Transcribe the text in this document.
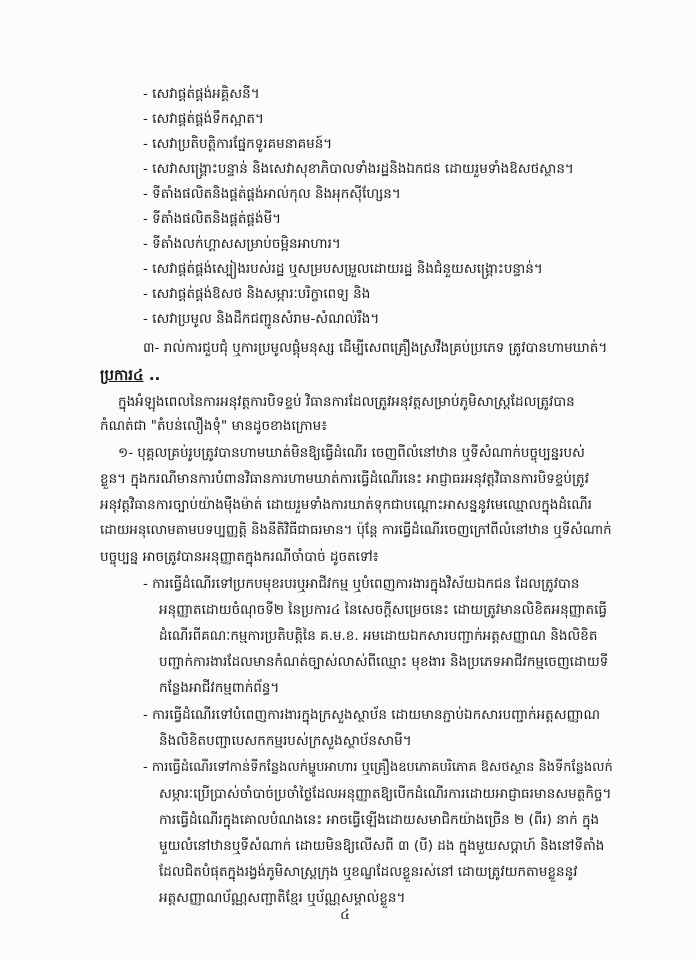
- សេវាផ្គត់ផ្គង់អគ្គិសនី។
- សេវាផ្គត់ផ្គង់ទឹកស្អាត។
- សេវាប្រតិបត្តិការផ្នែកទូរគមនាគមន៍។
- សេវាសង្គ្រោះបន្ទាន់ និងសេវាសុខាភិបាលទាំងរដ្ឋនិងឯកជន ដោយរួមទាំងឱសថស្ថាន។
- ទីតាំងផលិតនិងផ្គត់ផ្គង់អាល់កុល និងអុកស៊ីហ្សែន។
- ទីតាំងផលិតនិងផ្គត់ផ្គង់មី។
- ទីតាំងលក់ហ្គាសសម្រាប់ចម្អិនអាហារ។
- សេវាផ្គត់ផ្គង់ស្បៀងរបស់រដ្ឋ ឬសម្របសម្រួលដោយរដ្ឋ និងជំនួយសង្គ្រោះបន្ទាន់។
- សេវាផ្គត់ផ្គង់ឱសថ និងសម្ភារៈបរិក្ខាពេទ្យ និង
- សេវាប្រមូល និងដឹកជញ្ជូនសំរាម-សំណល់រឹង។
៣- រាល់ការជួបជុំ ឬការប្រមូលផ្តុំមនុស្ស ដើម្បីសេពគ្រឿងស្រវឹងគ្រប់ប្រភេទ ត្រូវបានហាមឃាត់។
ប្រការ៤ ..
ក្នុងអំឡុងពេលនៃការអនុវត្តការបិទខ្ទប់ វិធានការដែលត្រូវអនុវត្តសម្រាប់ភូមិសាស្ត្រដែលត្រូវបាន
កំណត់ជា "តំបន់លឿងទុំ" មានដូចខាងក្រោម៖
១- បុគ្គលគ្រប់រូបត្រូវបានហាមឃាត់មិនឱ្យធ្វើដំណើរ ចេញពីលំនៅឋាន ឬទីសំណាក់បច្ចុប្បន្នរបស់
ខ្លួន។ ក្នុងករណីមានការបំពានវិធានការហាមឃាត់ការធ្វើដំណើរនេះ អាជ្ញាធរអនុវត្តវិធានការបិទខ្ទប់ត្រូវ
អនុវត្តវិធានការច្បាប់យ៉ាងម៉ឺងម៉ាត់ ដោយរួមទាំងការឃាត់ទុកជាបណ្តោះអាសន្ននូវមេឈ្មោលក្នុងដំណើរ
ដោយអនុលោមតាមបទប្បញ្ញត្តិ និងនីតិវិធីជាធរមាន។ ប៉ុន្តែ ការធ្វើដំណើរចេញក្រៅពីលំនៅឋាន ឬទីសំណាក់
បច្ចុប្បន្ន អាចត្រូវបានអនុញ្ញាតក្នុងករណីចាំបាច់ ដូចតទៅ៖
- ការធ្វើដំណើរទៅប្រកបមុខរបរឬអាជីវកម្ម ឬបំពេញការងារក្នុងវិស័យឯកជន ដែលត្រូវបាន
អនុញ្ញាតដោយចំណុចទី២ នៃប្រការ៤ នៃសេចក្តីសម្រេចនេះ ដោយត្រូវមានលិខិតអនុញ្ញាតធ្វើ
ដំណើរពីគណៈកម្មការប្រតិបត្តិនៃ គ.ម.ខ. អមដោយឯកសារបញ្ជាក់អត្តសញ្ញាណ និងលិខិត
បញ្ជាក់ការងារដែលមានកំណត់ច្បាស់លាស់ពីឈ្មោះ មុខងារ និងប្រភេទអាជីវកម្មចេញដោយទី
កន្លែងអាជីវកម្មពាក់ព័ន្ធ។
- ការធ្វើដំណើរទៅបំពេញការងារក្នុងក្រសួងស្ថាប័ន ដោយមានភ្ជាប់ឯកសារបញ្ជាក់អត្តសញ្ញាណ
និងលិខិតបញ្ជាបេសកកម្មរបស់ក្រសួងស្ថាប័នសាមី។
- ការធ្វើដំណើរទៅកាន់ទីកន្លែងលក់ម្ហូបអាហារ ឬគ្រឿងឧបភោគបរិភោគ ឱសថស្ថាន និងទីកន្លែងលក់
សម្ភារៈប្រើប្រាស់ចាំបាច់ប្រចាំថ្ងៃដែលអនុញ្ញាតឱ្យបើកដំណើរការដោយអាជ្ញាធរមានសមត្ថកិច្ច។
ការធ្វើដំណើរក្នុងគោលបំណងនេះ អាចធ្វើឡើងដោយសមាជិកយ៉ាងច្រើន ២ (ពីរ) នាក់ ក្នុង
មួយលំនៅឋានឬទីសំណាក់ ដោយមិនឱ្យលើសពី ៣ (បី) ដង ក្នុងមួយសប្តាហ៍ និងនៅទីតាំង
ដែលជិតបំផុតក្នុងរង្វង់ភូមិសាស្ត្រក្រុង ឬខណ្ឌដែលខ្លួនរស់នៅ ដោយត្រូវយកតាមខ្លួននូវ
អត្តសញ្ញាណប័ណ្ណសញ្ជាតិខ្មែរ ឬប័ណ្ណសម្គាល់ខ្លួន។
៤
